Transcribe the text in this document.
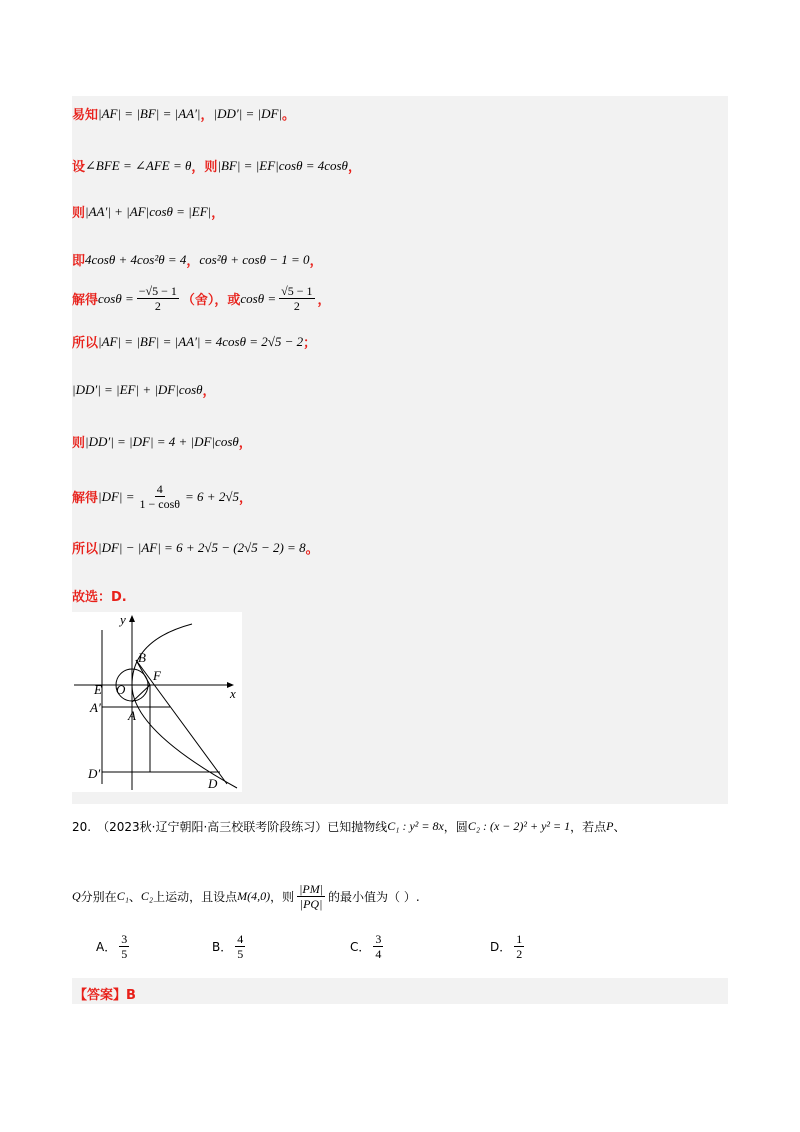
易知 |AF| = |BF| = |AA′| ， |DD′| = |DF| 。
设 ∠BFE = ∠AFE = θ ，则 |BF| = |EF|cosθ = 4cosθ ，
则 |AA′| + |AF|cosθ = |EF| ，
即 4cosθ + 4cos²θ = 4 ， cos²θ + cosθ − 1 = 0 ，
解得 $\cos\theta = \frac{-√5 - 1}{2}$ （舍），或 $\cos\theta = \frac{√5 - 1}{2}$ ，
所以 |AF| = |BF| = |AA′| = 4cosθ = 2√5 − 2 ；
|DD′| = |EF| + |DF|cosθ ，
则 |DD′| = |DF| = 4 + |DF|cosθ ，
解得 $|DF| = \frac{4}{1 - \cos\theta} = 6 + 2√5$ ，
所以 |DF| − |AF| = 6 + 2√5 − (2√5 − 2) = 8 。
故选：D.
y
x
B
F
E O
A′
A
D′
D
20. （2023秋·辽宁朝阳·高三校联考阶段练习）已知抛物线 C₁ : y² = 8x ，圆 C₂ : (x − 2)² + y² = 1 ，若点 P 、
Q 分别在 C₁ 、 C₂ 上运动，且设点 M(4,0) ，则 $\frac{|PM|}{|PQ|}$ 的最小值为（ ）.
A． $\frac{3}{5}$	B． $\frac{4}{5}$	C． $\frac{3}{4}$	D． $\frac{1}{2}$
【答案】B
